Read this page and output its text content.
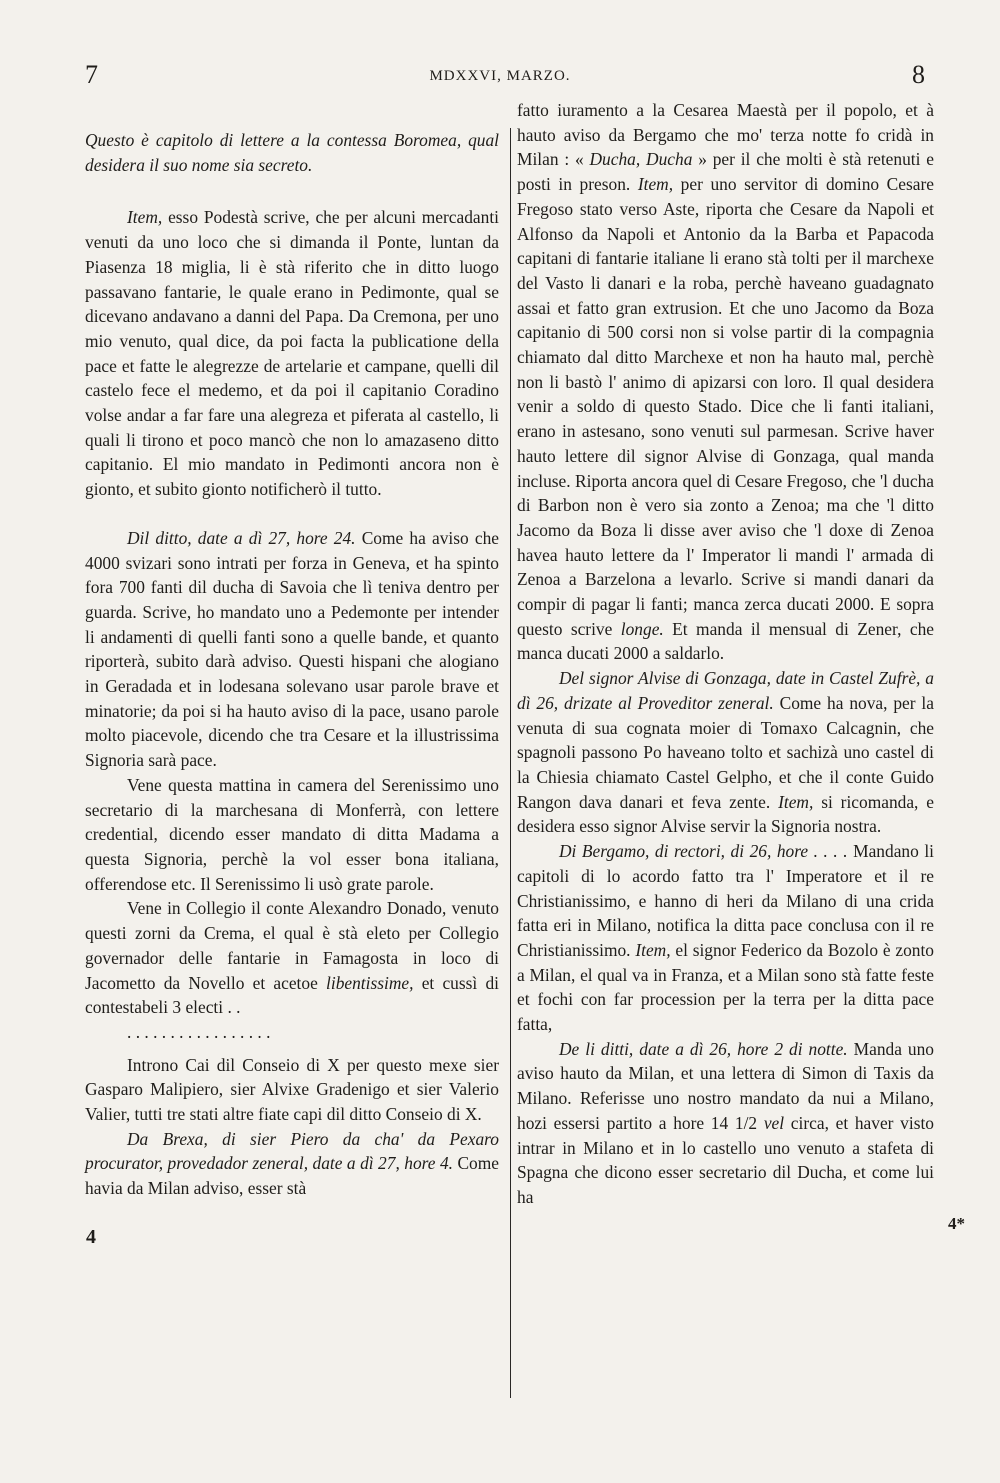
7	MDXXVI, MARZO.	8
4
4*

Questo è capitolo di lettere a la contessa Boromea, qual desidera il suo nome sia secreto.

Item, esso Podestà scrive, che per alcuni mercadanti venuti da uno loco che si dimanda il Ponte, luntan da Piasenza 18 miglia, li è stà riferito che in ditto luogo passavano fantarie, le quale erano in Pedimonte, qual se dicevano andavano a danni del Papa. Da Cremona, per uno mio venuto, qual dice, da poi facta la publicatione della pace et fatte le alegrezze de artelarie et campane, quelli dil castelo fece el medemo, et da poi il capitanio Coradino volse andar a far fare una alegreza et piferata al castello, li quali li tirono et poco mancò che non lo amazaseno ditto capitanio. El mio mandato in Pedimonti ancora non è gionto, et subito gionto notificherò il tutto.

Dil ditto, date a dì 27, hore 24. Come ha aviso che 4000 svizari sono intrati per forza in Geneva, et ha spinto fora 700 fanti dil ducha di Savoia che lì teniva dentro per guarda. Scrive, ho mandato uno a Pedemonte per intender li andamenti di quelli fanti sono a quelle bande, et quanto riporterà, subito darà adviso. Questi hispani che alogiano in Geradada et in lodesana solevano usar parole brave et minatorie; da poi si ha hauto aviso di la pace, usano parole molto piacevole, dicendo che tra Cesare et la illustrissima Signoria sarà pace.

Vene questa mattina in camera del Serenissimo uno secretario di la marchesana di Monferrà, con lettere credential, dicendo esser mandato di ditta Madama a questa Signoria, perchè la vol esser bona italiana, offerendose etc. Il Serenissimo li usò grate parole.

Vene in Collegio il conte Alexandro Donado, venuto questi zorni da Crema, el qual è stà eleto per Collegio governador delle fantarie in Famagosta in loco di Jacometto da Novello et acetoe libentissime, et cussì di contestabeli 3 electi . .

. . . . . . . . . . . . . . . . .

Introno Cai dil Conseio di X per questo mexe sier Gasparo Malipiero, sier Alvixe Gradenigo et sier Valerio Valier, tutti tre stati altre fiate capi dil ditto Conseio di X.

Da Brexa, di sier Piero da cha' da Pexaro procurator, provedador zeneral, date a dì 27, hore 4. Come havia da Milan adviso, esser stà

fatto iuramento a la Cesarea Maestà per il popolo, et à hauto aviso da Bergamo che mo' terza notte fo cridà in Milan : « Ducha, Ducha » per il che molti è stà retenuti e posti in preson. Item, per uno servitor di domino Cesare Fregoso stato verso Aste, riporta che Cesare da Napoli et Alfonso da Napoli et Antonio da la Barba et Papacoda capitani di fantarie italiane li erano stà tolti per il marchexe del Vasto li danari e la roba, perchè haveano guadagnato assai et fatto gran extrusion. Et che uno Jacomo da Boza capitanio di 500 corsi non si volse partir di la compagnia chiamato dal ditto Marchexe et non ha hauto mal, perchè non li bastò l' animo di apizarsi con loro. Il qual desidera venir a soldo di questo Stado. Dice che li fanti italiani, erano in astesano, sono venuti sul parmesan. Scrive haver hauto lettere dil signor Alvise di Gonzaga, qual manda incluse. Riporta ancora quel di Cesare Fregoso, che 'l ducha di Barbon non è vero sia zonto a Zenoa; ma che 'l ditto Jacomo da Boza li disse aver aviso che 'l doxe di Zenoa havea hauto lettere da l' Imperator li mandi l' armada di Zenoa a Barzelona a levarlo. Scrive si mandi danari da compir di pagar li fanti; manca zerca ducati 2000. E sopra questo scrive longe. Et manda il mensual di Zener, che manca ducati 2000 a saldarlo.

Del signor Alvise di Gonzaga, date in Castel Zufrè, a dì 26, drizate al Proveditor zeneral. Come ha nova, per la venuta di sua cognata moier di Tomaxo Calcagnin, che spagnoli passono Po haveano tolto et sachizà uno castel di la Chiesia chiamato Castel Gelpho, et che il conte Guido Rangon dava danari et feva zente. Item, si ricomanda, e desidera esso signor Alvise servir la Signoria nostra.

Di Bergamo, di rectori, di 26, hore . . . . Mandano li capitoli di lo acordo fatto tra l' Imperatore et il re Christianissimo, e hanno di heri da Milano di una crida fatta eri in Milano, notifica la ditta pace conclusa con il re Christianissimo. Item, el signor Federico da Bozolo è zonto a Milan, el qual va in Franza, et a Milan sono stà fatte feste et fochi con far procession per la terra per la ditta pace fatta,

De li ditti, date a dì 26, hore 2 di notte. Manda uno aviso hauto da Milan, et una lettera di Simon di Taxis da Milano. Referisse uno nostro mandato da nui a Milano, hozi essersi partito a hore 14 1/2 vel circa, et haver visto intrar in Milano et in lo castello uno venuto a stafeta di Spagna che dicono esser secretario dil Ducha, et come lui ha
